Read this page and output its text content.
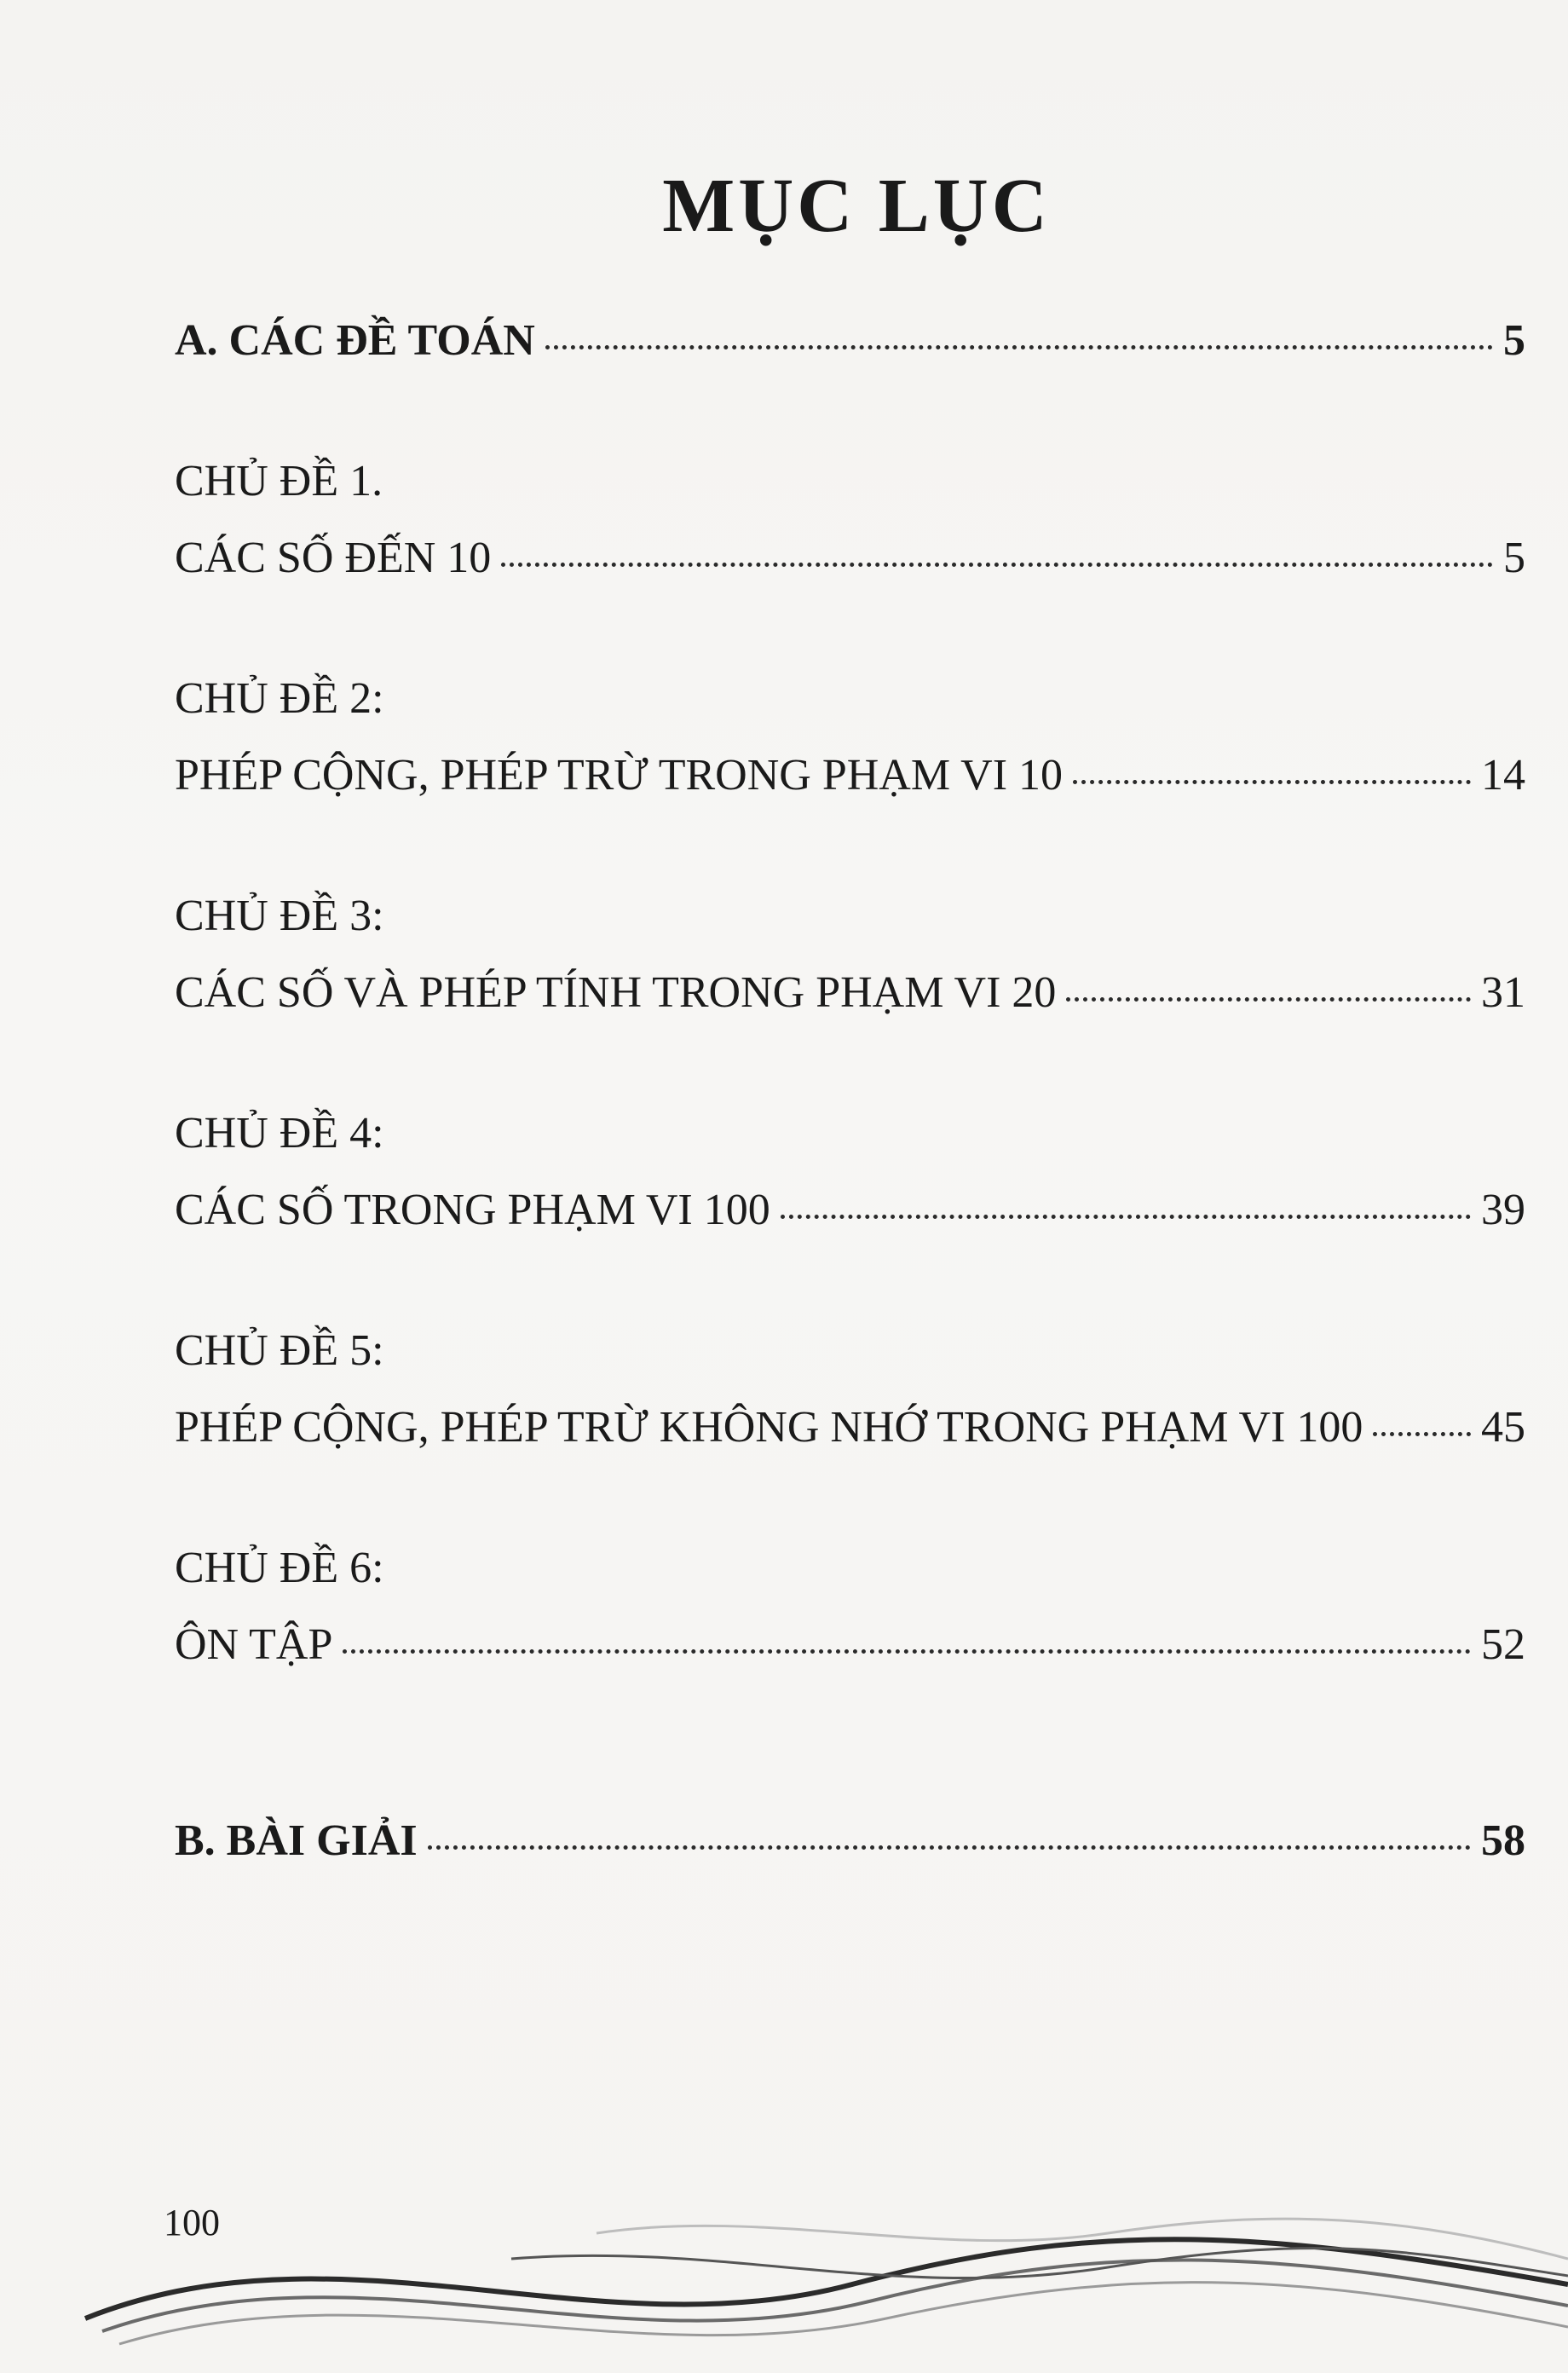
MỤC LỤC
A. CÁC ĐỀ TOÁN	5
CHỦ ĐỀ 1.
CÁC SỐ ĐẾN 10	5
CHỦ ĐỀ 2:
PHÉP CỘNG, PHÉP TRỪ TRONG PHẠM VI 10	14
CHỦ ĐỀ 3:
CÁC SỐ VÀ PHÉP TÍNH TRONG PHẠM VI 20	31
CHỦ ĐỀ 4:
CÁC SỐ TRONG PHẠM VI 100	39
CHỦ ĐỀ 5:
PHÉP CỘNG, PHÉP TRỪ KHÔNG NHỚ TRONG PHẠM VI 100	45
CHỦ ĐỀ 6:
ÔN TẬP	52
B. BÀI GIẢI	58
100
